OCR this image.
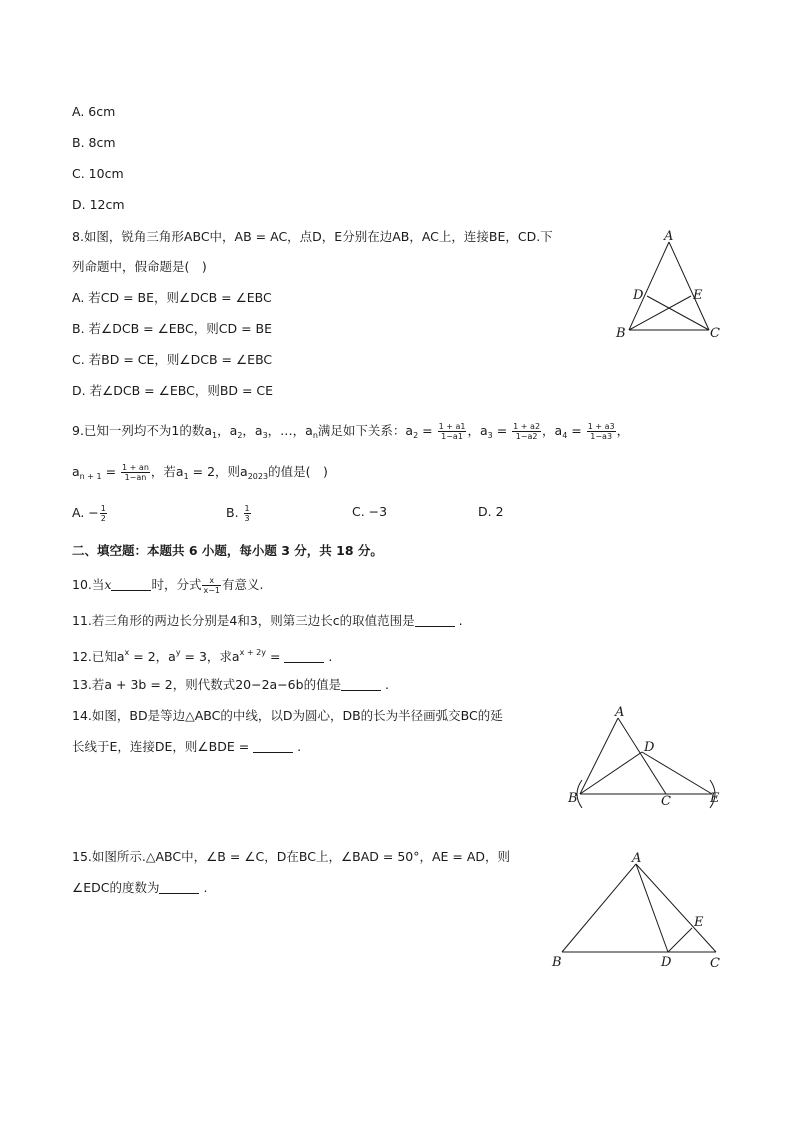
A. 6cm
B. 8cm
C. 10cm
D. 12cm
8.如图，锐角三角形ABC中，AB = AC，点D，E分别在边AB，AC上，连接BE，CD.下
列命题中，假命题是(　)
A. 若CD = BE，则∠DCB = ∠EBC
B. 若∠DCB = ∠EBC，则CD = BE
C. 若BD = CE，则∠DCB = ∠EBC
D. 若∠DCB = ∠EBC，则BD = CE
A
D	E
B	C
9.已知一列均不为1的数$a_1$，$a_2$，$a_3$，…，$a_n$满足如下关系：$a_2 = \frac{1 + a1}{1-a1}$ ，$a_3 = \frac{1 + a2}{1-a2}$ ，$a_4 = \frac{1 + a3}{1-a3}$ ，
$a_{n + 1} = \frac{1 + an}{1-an}$ ，若$a_1 = 2$，则$a_{2023}$的值是(　)
A. − $\frac{1}{2}$	B. $\frac{1}{3}$	C. −3	D. 2
二、填空题：本题共 6 小题，每小题 3 分，共 18 分。
10.当x	时，分式 $\frac{x}{x-1}$ 有意义.
11.若三角形的两边长分别是4和3，则第三边长c的取值范围是	.
12.已知$a^x = 2$，$a^y = 3$，求$a^{x + 2y}$ =	.
13.若a + 3b = 2，则代数式20−2a−6b的值是	.
14.如图，BD是等边△ABC的中线，以D为圆心，DB的长为半径画弧交BC的延
长线于E，连接DE，则∠BDE =	.
A
D
B	C	E
15.如图所示.△ABC中，∠B = ∠C，D在BC上，∠BAD = 50°，AE = AD，则
∠EDC的度数为	.
A
E
B	D	C
